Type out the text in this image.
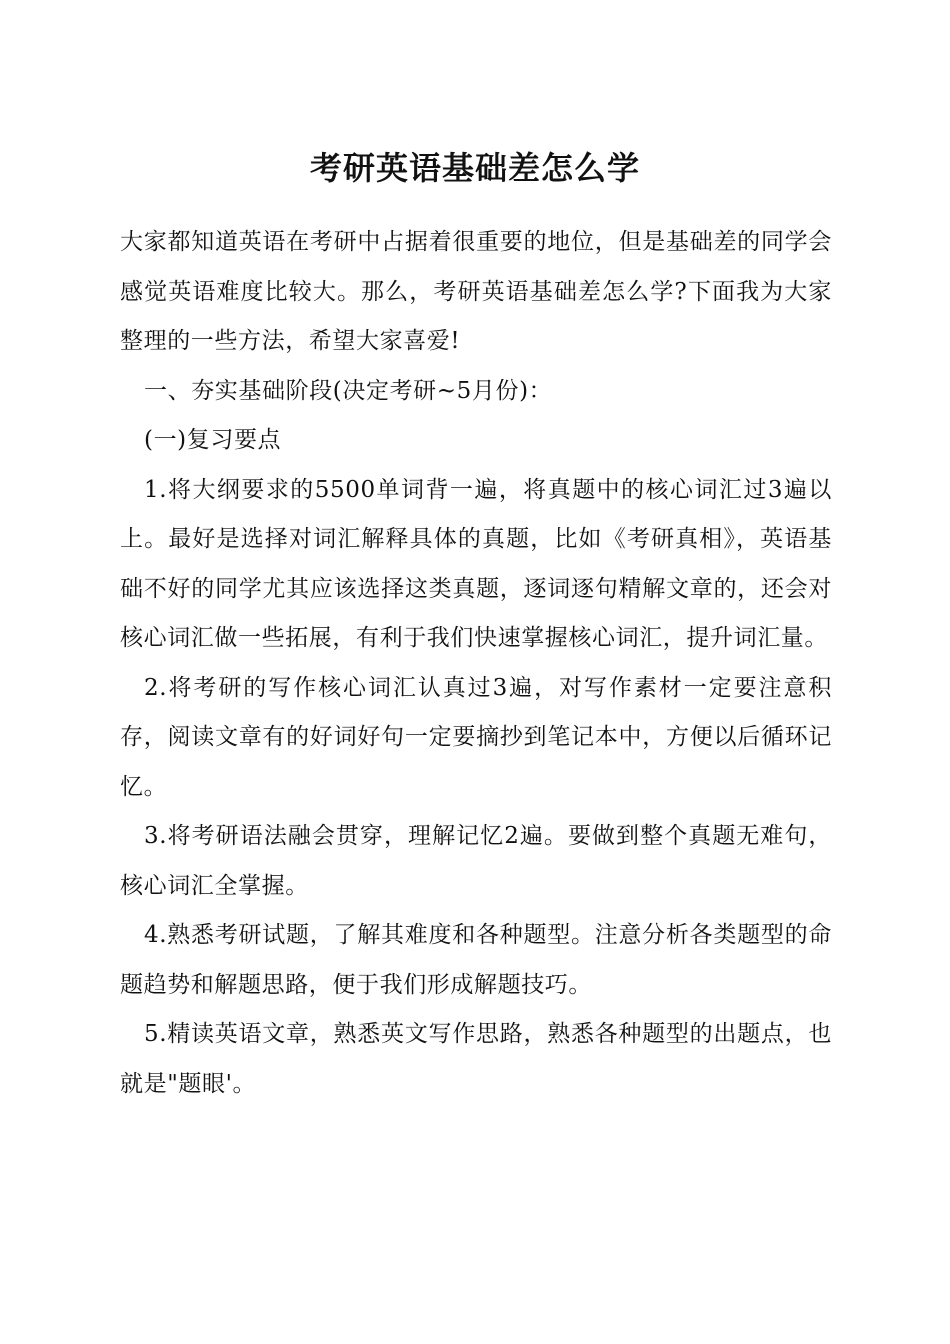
考研英语基础差怎么学

大家都知道英语在考研中占据着很重要的地位，但是基础差的同学会感觉英语难度比较大。那么，考研英语基础差怎么学?下面我为大家整理的一些方法，希望大家喜爱!

一、夯实基础阶段(决定考研~5月份)：

(一)复习要点

1.将大纲要求的5500单词背一遍，将真题中的核心词汇过3遍以上。最好是选择对词汇解释具体的真题，比如《考研真相》，英语基础不好的同学尤其应该选择这类真题，逐词逐句精解文章的，还会对核心词汇做一些拓展，有利于我们快速掌握核心词汇，提升词汇量。

2.将考研的写作核心词汇认真过3遍，对写作素材一定要注意积存，阅读文章有的好词好句一定要摘抄到笔记本中，方便以后循环记忆。

3.将考研语法融会贯穿，理解记忆2遍。要做到整个真题无难句，核心词汇全掌握。

4.熟悉考研试题，了解其难度和各种题型。注意分析各类题型的命题趋势和解题思路，便于我们形成解题技巧。

5.精读英语文章，熟悉英文写作思路，熟悉各种题型的出题点，也就是"题眼'。
